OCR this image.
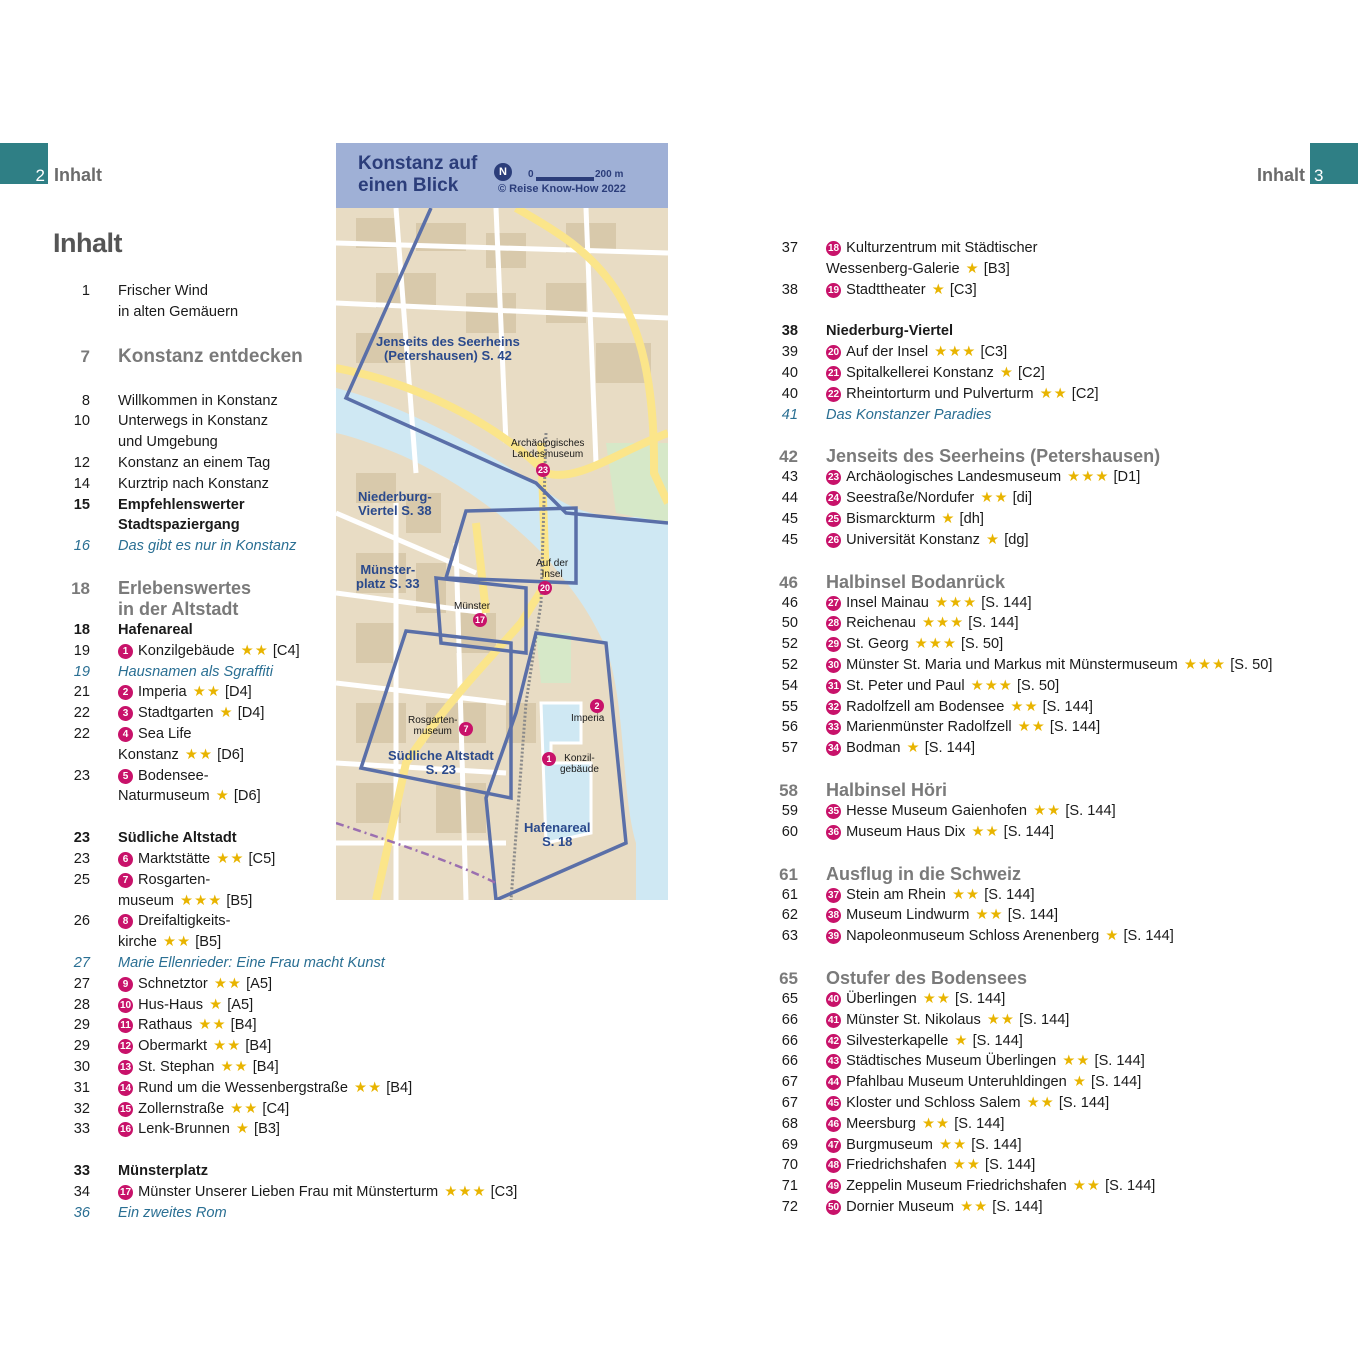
2 Inhalt	Inhalt 3
Inhalt
1	Frischer Wind
in alten Gemäuern
7	Konstanz entdecken
8	Willkommen in Konstanz
10	Unterwegs in Konstanz
und Umgebung
12	Konstanz an einem Tag
14	Kurztrip nach Konstanz
15	Empfehlenswerter
Stadtspaziergang
16	Das gibt es nur in Konstanz
18	Erlebenswertes
in der Altstadt
18	Hafenareal
19	1 Konzilgebäude ★★ [C4]
19	Hausnamen als Sgraffiti
21	2 Imperia ★★ [D4]
22	3 Stadtgarten ★ [D4]
22	4 Sea Life
Konstanz ★★ [D6]
23	5 Bodensee-
Naturmuseum ★ [D6]
23	Südliche Altstadt
23	6 Marktstätte ★★ [C5]
25	7 Rosgarten-
museum ★★★ [B5]
26	8 Dreifaltigkeits-
kirche ★★ [B5]
27	Marie Ellenrieder: Eine Frau macht Kunst
27	9 Schnetztor ★★ [A5]
28	10 Hus-Haus ★ [A5]
29	11 Rathaus ★★ [B4]
29	12 Obermarkt ★★ [B4]
30	13 St. Stephan ★★ [B4]
31	14 Rund um die Wessenbergstraße ★★ [B4]
32	15 Zollernstraße ★★ [C4]
33	16 Lenk-Brunnen ★ [B3]
33	Münsterplatz
34	17 Münster Unserer Lieben Frau mit Münsterturm ★★★ [C3]
36	Ein zweites Rom
37	18 Kulturzentrum mit Städtischer
Wessenberg-Galerie ★ [B3]
38	19 Stadttheater ★ [C3]
38	Niederburg-Viertel
39	20 Auf der Insel ★★★ [C3]
40	21 Spitalkellerei Konstanz ★ [C2]
40	22 Rheintorturm und Pulverturm ★★ [C2]
41	Das Konstanzer Paradies
42	Jenseits des Seerheins (Petershausen)
43	23 Archäologisches Landesmuseum ★★★ [D1]
44	24 Seestraße/Nordufer ★★ [di]
45	25 Bismarckturm ★ [dh]
45	26 Universität Konstanz ★ [dg]
46	Halbinsel Bodanrück
46	27 Insel Mainau ★★★ [S. 144]
50	28 Reichenau ★★★ [S. 144]
52	29 St. Georg ★★★ [S. 50]
52	30 Münster St. Maria und Markus mit Münstermuseum ★★★ [S. 50]
54	31 St. Peter und Paul ★★★ [S. 50]
55	32 Radolfzell am Bodensee ★★ [S. 144]
56	33 Marienmünster Radolfzell ★★ [S. 144]
57	34 Bodman ★ [S. 144]
58	Halbinsel Höri
59	35 Hesse Museum Gaienhofen ★★ [S. 144]
60	36 Museum Haus Dix ★★ [S. 144]
61	Ausflug in die Schweiz
61	37 Stein am Rhein ★★ [S. 144]
62	38 Museum Lindwurm ★★ [S. 144]
63	39 Napoleonmuseum Schloss Arenenberg ★ [S. 144]
65	Ostufer des Bodensees
65	40 Überlingen ★★ [S. 144]
66	41 Münster St. Nikolaus ★★ [S. 144]
66	42 Silvesterkapelle ★ [S. 144]
66	43 Städtisches Museum Überlingen ★★ [S. 144]
67	44 Pfahlbau Museum Unteruhldingen ★ [S. 144]
67	45 Kloster und Schloss Salem ★★ [S. 144]
68	46 Meersburg ★★ [S. 144]
69	47 Burgmuseum ★★ [S. 144]
70	48 Friedrichshafen ★★ [S. 144]
71	49 Zeppelin Museum Friedrichshafen ★★ [S. 144]
72	50 Dornier Museum ★★ [S. 144]
Konstanz auf
einen Blick
N	0	200 m
© Reise Know-How 2022
Jenseits des Seerheins
(Petershausen) S. 42
Niederburg-
Viertel S. 38
Münster-
platz S. 33
Südliche Altstadt
S. 23
Hafenareal
S. 18
Archäologisches
Landesmuseum
Auf der
Insel
Münster
Rosgarten-
museum
Imperia
Konzil-
gebäude
23
20
17
7
2
1
